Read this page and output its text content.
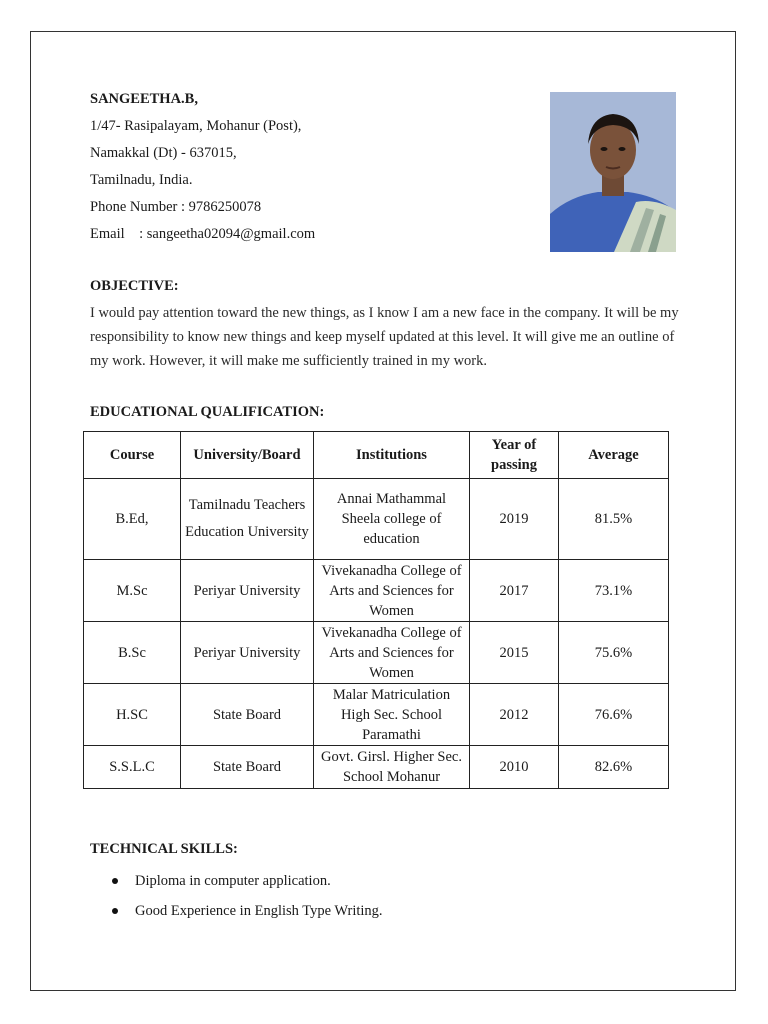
SANGEETHA.B,
1/47- Rasipalayam, Mohanur (Post),
Namakkal (Dt) - 637015,
Tamilnadu, India.
Phone Number : 9786250078
Email    : sangeetha02094@gmail.com
OBJECTIVE:
I would pay attention toward the new things, as I know I am a new face in the company. It will be my responsibility to know new things and keep myself updated at this level. It will give me an outline of my work. However, it will make me sufficiently trained in my work.
EDUCATIONAL QUALIFICATION:
Course	University/Board	Institutions	Year of passing	Average
B.Ed,	Tamilnadu Teachers Education University	Annai Mathammal Sheela college of education	2019	81.5%
M.Sc	Periyar University	Vivekanadha College of Arts and Sciences for Women	2017	73.1%
B.Sc	Periyar University	Vivekanadha College of Arts and Sciences for Women	2015	75.6%
H.SC	State Board	Malar Matriculation High Sec. School Paramathi	2012	76.6%
S.S.L.C	State Board	Govt. Girsl. Higher Sec. School Mohanur	2010	82.6%
TECHNICAL SKILLS:
Diploma in computer application.
Good Experience in English Type Writing.
